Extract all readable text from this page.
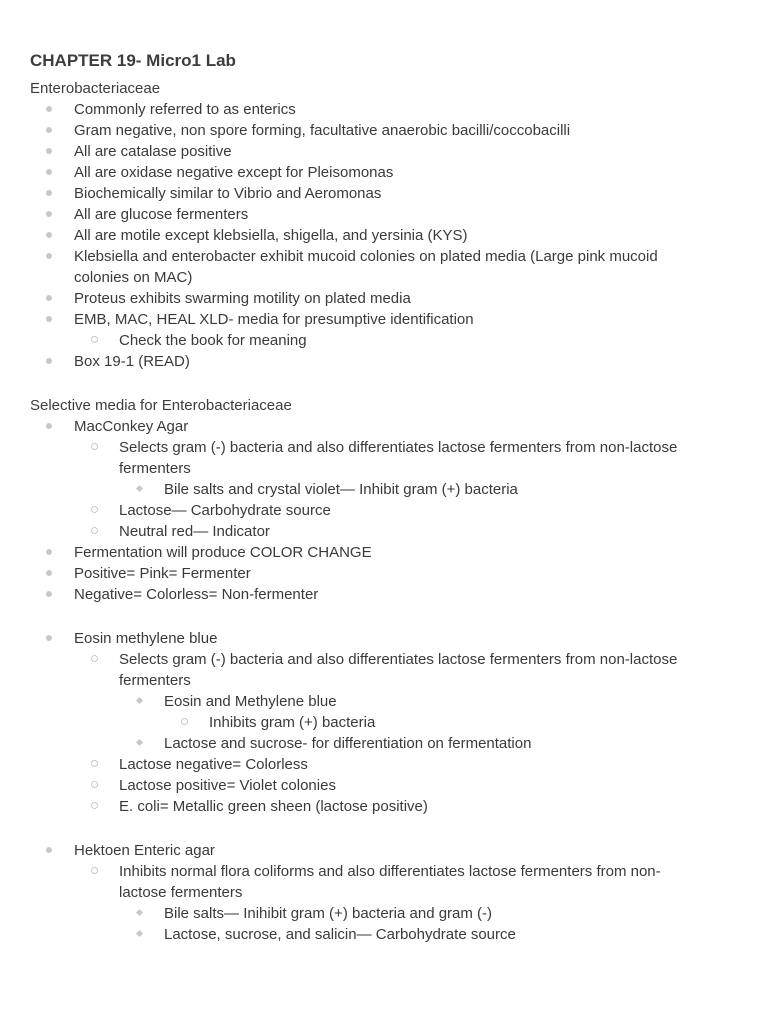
CHAPTER 19- Micro1 Lab
Enterobacteriaceae
Commonly referred to as enterics
Gram negative, non spore forming, facultative anaerobic bacilli/coccobacilli
All are catalase positive
All are oxidase negative except for Pleisomonas
Biochemically similar to Vibrio and Aeromonas
All are glucose fermenters
All are motile except klebsiella, shigella, and yersinia (KYS)
Klebsiella and enterobacter exhibit mucoid colonies on plated media (Large pink mucoid colonies on MAC)
Proteus exhibits swarming motility on plated media
EMB, MAC, HEAL XLD- media for presumptive identification
Check the book for meaning
Box 19-1 (READ)
Selective media for Enterobacteriaceae
MacConkey Agar
Selects gram (-) bacteria and also differentiates lactose fermenters from non-lactose fermenters
Bile salts and crystal violet— Inhibit gram (+) bacteria
Lactose— Carbohydrate source
Neutral red— Indicator
Fermentation will produce COLOR CHANGE
Positive= Pink= Fermenter
Negative= Colorless= Non-fermenter
Eosin methylene blue
Selects gram (-) bacteria and also differentiates lactose fermenters from non-lactose fermenters
Eosin and Methylene blue
Inhibits gram (+) bacteria
Lactose and sucrose- for differentiation on fermentation
Lactose negative= Colorless
Lactose positive= Violet colonies
E. coli= Metallic green sheen (lactose positive)
Hektoen Enteric agar
Inhibits normal flora coliforms and also differentiates lactose fermenters from non-lactose fermenters
Bile salts— Inihibit gram (+) bacteria and gram (-)
Lactose, sucrose, and salicin— Carbohydrate source
